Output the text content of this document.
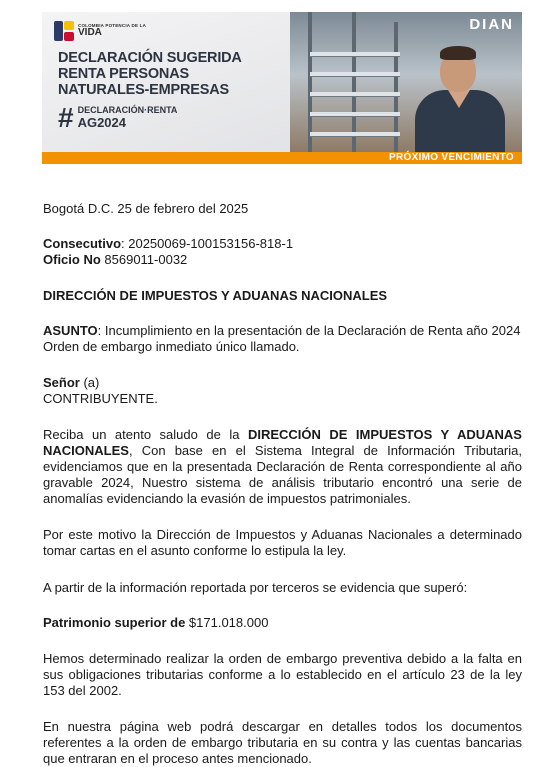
COLOMBIA POTENCIA DE LA
VIDA
DECLARACIÓN SUGERIDA
RENTA PERSONAS
NATURALES-EMPRESAS
# DECLARACIÓN·RENTA
AG2024
DIAN
PRÓXIMO VENCIMIENTO

Bogotá D.C. 25 de febrero del 2025

Consecutivo: 20250069-100153156-818-1

Oficio No 8569011-0032

DIRECCIÓN DE IMPUESTOS Y ADUANAS NACIONALES

ASUNTO: Incumplimiento en la presentación de la Declaración de Renta año 2024 Orden de embargo inmediato único llamado.

Señor (a)

CONTRIBUYENTE.

Reciba un atento saludo de la DIRECCIÓN DE IMPUESTOS Y ADUANAS NACIONALES, Con base en el Sistema Integral de Información Tributaria, evidenciamos que en la presentada Declaración de Renta correspondiente al año gravable 2024, Nuestro sistema de análisis tributario encontró una serie de anomalías evidenciando la evasión de impuestos patrimoniales.

Por este motivo la Dirección de Impuestos y Aduanas Nacionales a determinado tomar cartas en el asunto conforme lo estipula la ley.

A partir de la información reportada por terceros se evidencia que superó:

Patrimonio superior de $171.018.000

Hemos determinado realizar la orden de embargo preventiva debido a la falta en sus obligaciones tributarias conforme a lo establecido en el artículo 23 de la ley 153 del 2002.

En nuestra página web podrá descargar en detalles todos los documentos referentes a la orden de embargo tributaria en su contra y las cuentas bancarias que entraran en el proceso antes mencionado.
